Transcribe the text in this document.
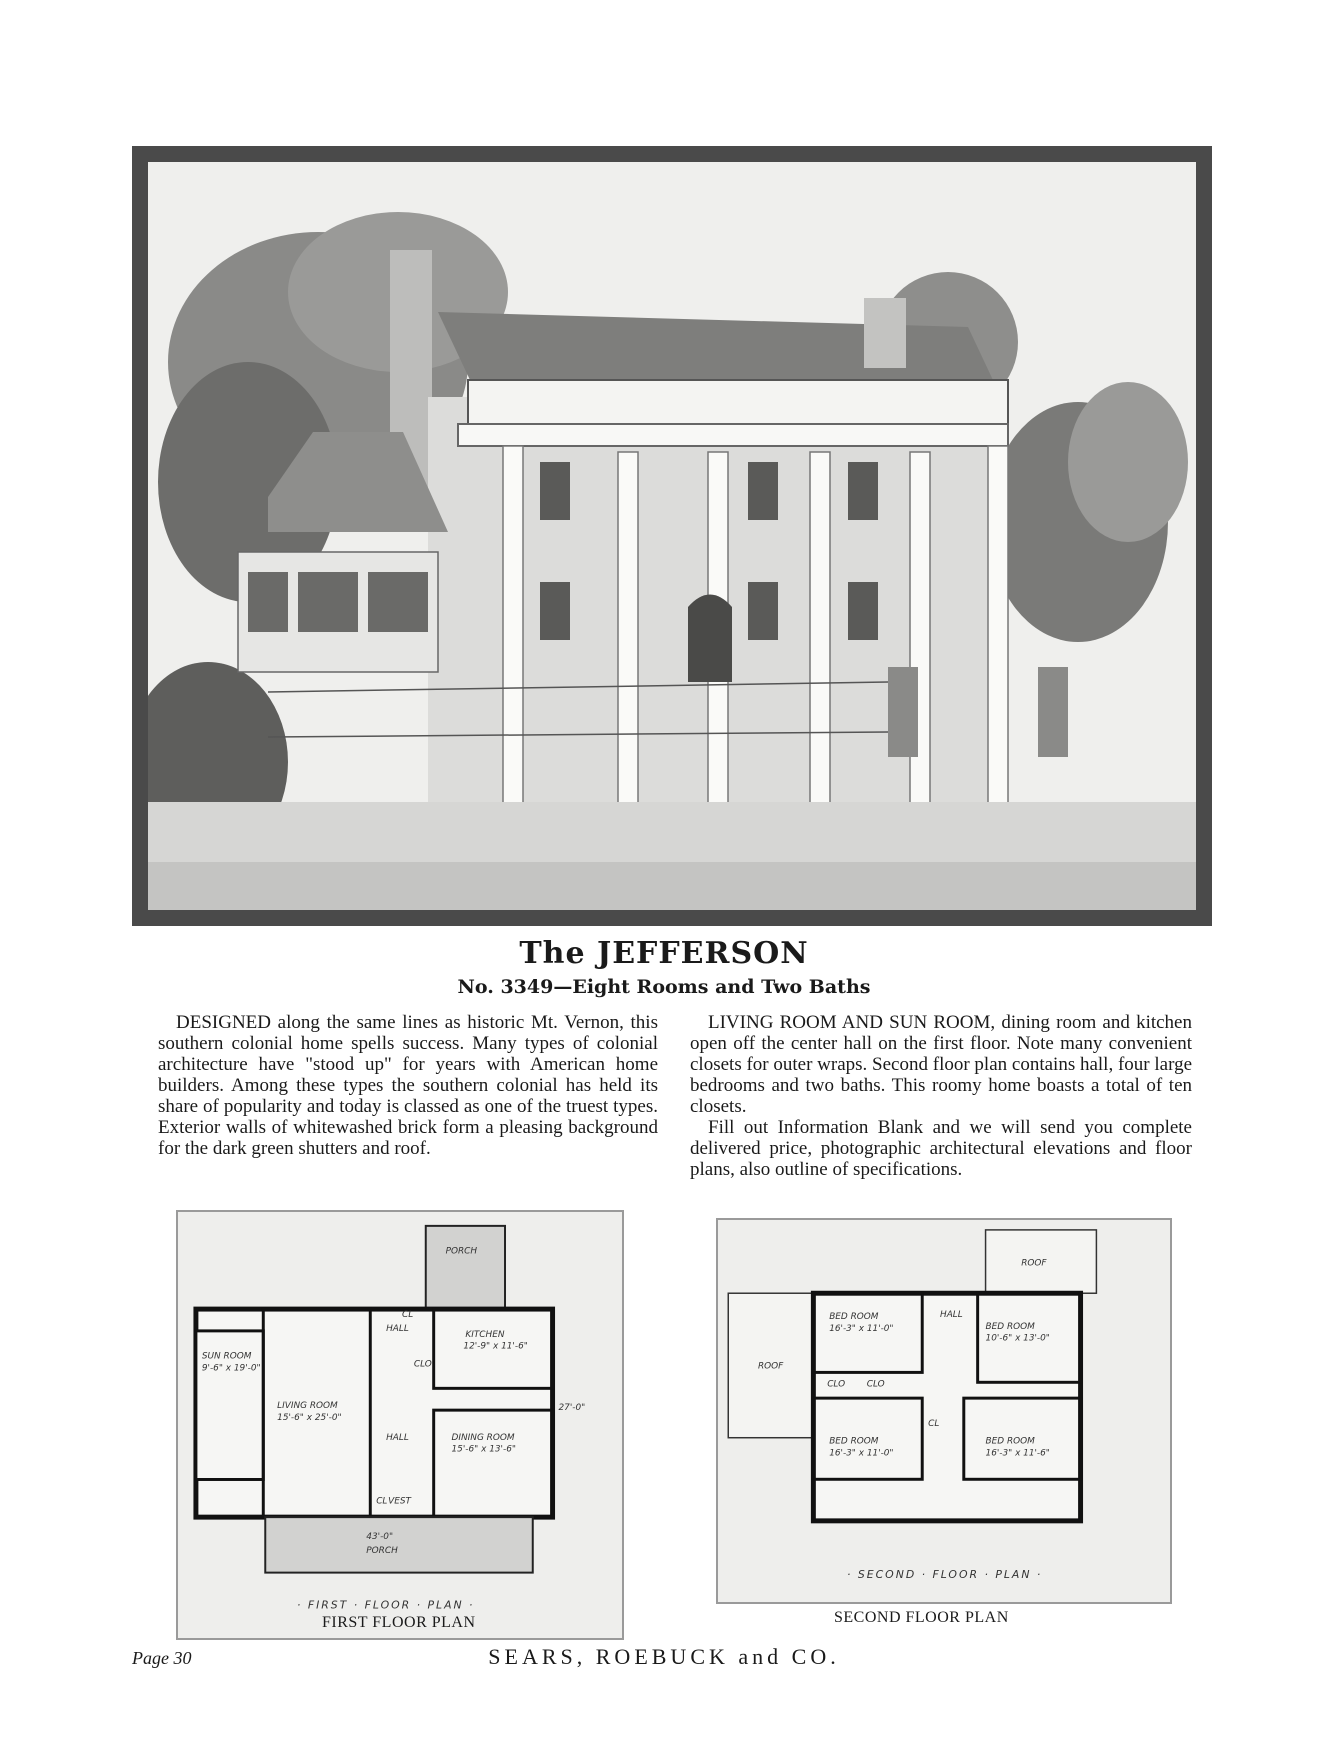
The JEFFERSON
No. 3349—Eight Rooms and Two Baths

DESIGNED along the same lines as historic Mt. Vernon, this southern colonial home spells success. Many types of colonial architecture have "stood up" for years with American home builders. Among these types the southern colonial has held its share of popularity and today is classed as one of the truest types. Exterior walls of whitewashed brick form a pleasing background for the dark green shutters and roof.

LIVING ROOM AND SUN ROOM, dining room and kitchen open off the center hall on the first floor. Note many convenient closets for outer wraps. Second floor plan contains hall, four large bedrooms and two baths. This roomy home boasts a total of ten closets.

Fill out Information Blank and we will send you complete delivered price, photographic architectural elevations and floor plans, also outline of specifications.

PORCH
SUN ROOM
9'-6" x 19'-0"
LIVING ROOM
15'-6" x 25'-0"
HALL
HALL
KITCHEN
12'-9" x 11'-6"
DINING ROOM
15'-6" x 13'-6"
CL
CLO
CL VEST
43'-0"
PORCH
27'-0"
· FIRST · FLOOR · PLAN ·
FIRST FLOOR PLAN
ROOF
ROOF
BED ROOM
16'-3" x 11'-0"
HALL
BED ROOM
10'-6" x 13'-0"
CLO CLO
CL
BED ROOM
16'-3" x 11'-0"
BED ROOM
16'-3" x 11'-6"
· SECOND · FLOOR · PLAN ·
SECOND FLOOR PLAN
Page 30	SEARS, ROEBUCK and CO.
